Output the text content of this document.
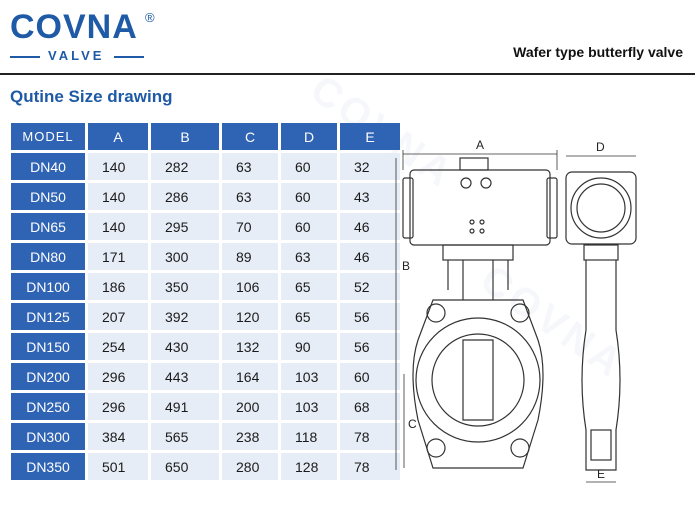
COVNA ®
VALVE	Wafer type butterfly valve
Qutine Size drawing
MODEL	A	B	C	D	E
DN40	140	282	63	60	32
DN50	140	286	63	60	43
DN65	140	295	70	60	46
DN80	171	300	89	63	46
DN100	186	350	106	65	52
DN125	207	392	120	65	56
DN150	254	430	132	90	56
DN200	296	443	164	103	60
DN250	296	491	200	103	68
DN300	384	565	238	118	78
DN350	501	650	280	128	78
A
B
C
D
E
